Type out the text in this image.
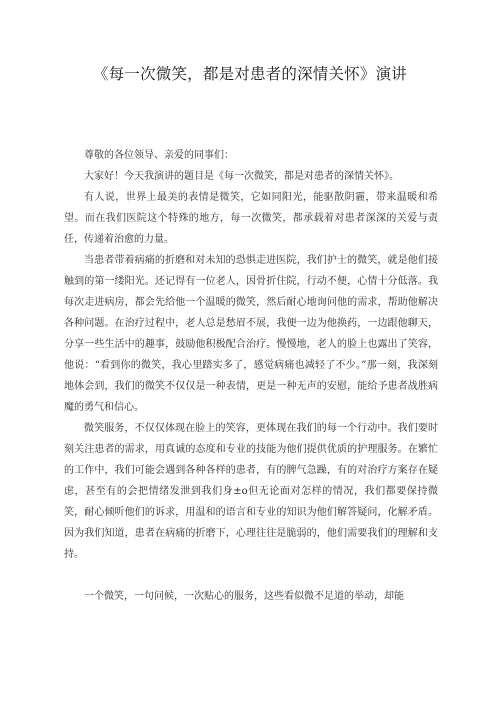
《每一次微笑，都是对患者的深情关怀》演讲

尊敬的各位领导、亲爱的同事们：

大家好！今天我演讲的题目是《每一次微笑，都是对患者的深情关怀》。

有人说，世界上最美的表情是微笑，它如同阳光，能驱散阴霾，带来温暖和希望。而在我们医院这个特殊的地方，每一次微笑，都承载着对患者深深的关爱与责任，传递着治愈的力量。

当患者带着病痛的折磨和对未知的恐惧走进医院，我们护士的微笑，就是他们接触到的第一缕阳光。还记得有一位老人，因骨折住院，行动不便，心情十分低落。我每次走进病房，都会先给他一个温暖的微笑，然后耐心地询问他的需求，帮助他解决各种问题。在治疗过程中，老人总是愁眉不展，我便一边为他换药，一边跟他聊天，分享一些生活中的趣事，鼓励他积极配合治疗。慢慢地，老人的脸上也露出了笑容，他说：“看到你的微笑，我心里踏实多了，感觉病痛也减轻了不少。”那一刻，我深刻地体会到，我们的微笑不仅仅是一种表情，更是一种无声的安慰，能给予患者战胜病魔的勇气和信心。

微笑服务，不仅仅体现在脸上的笑容，更体现在我们的每一个行动中。我们要时刻关注患者的需求，用真诚的态度和专业的技能为他们提供优质的护理服务。在繁忙的工作中，我们可能会遇到各种各样的患者，有的脾气急躁，有的对治疗方案存在疑虑，甚至有的会把情绪发泄到我们身±o但无论面对怎样的情况，我们都要保持微笑，耐心倾听他们的诉求，用温和的语言和专业的知识为他们解答疑问，化解矛盾。因为我们知道，患者在病痛的折磨下，心理往往是脆弱的，他们需要我们的理解和支持。

一个微笑，一句问候，一次贴心的服务，这些看似微不足道的举动，却能
